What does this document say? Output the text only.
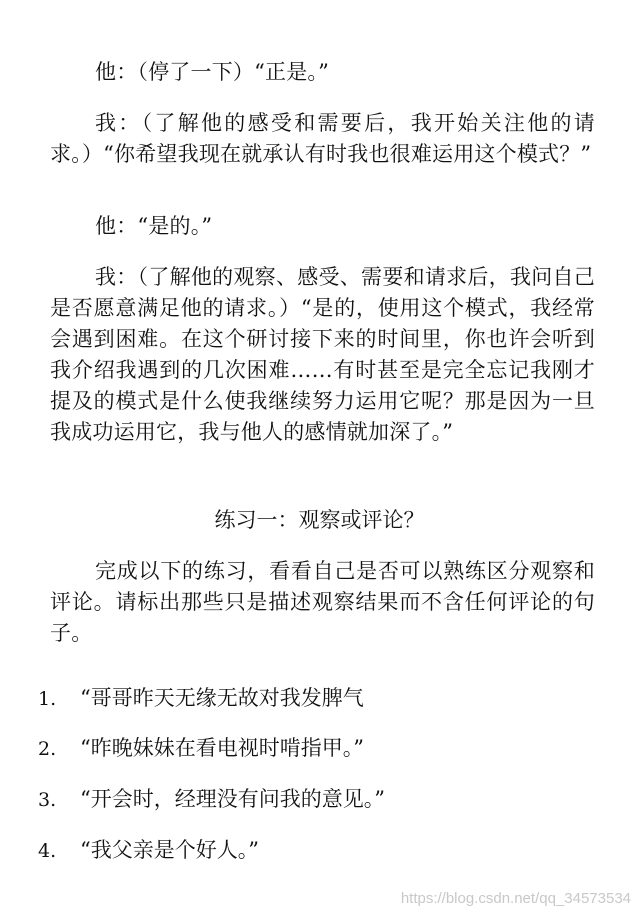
他：（停了一下）“正是。”

我：（了解他的感受和需要后，我开始关注他的请求。）“你希望我现在就承认有时我也很难运用这个模式？”

他：“是的。”

我：（了解他的观察、感受、需要和请求后，我问自己是否愿意满足他的请求。）“是的，使用这个模式，我经常会遇到困难。在这个研讨接下来的时间里，你也许会听到我介绍我遇到的几次困难……有时甚至是完全忘记我刚才提及的模式是什么使我继续努力运用它呢？那是因为一旦我成功运用它，我与他人的感情就加深了。”

练习一：观察或评论？

完成以下的练习，看看自己是否可以熟练区分观察和评论。请标出那些只是描述观察结果而不含任何评论的句子。

1. “哥哥昨天无缘无故对我发脾气
2. “昨晚妹妹在看电视时啃指甲。”
3. “开会时，经理没有问我的意见。”
4. “我父亲是个好人。”

https://blog.csdn.net/qq_34573534
